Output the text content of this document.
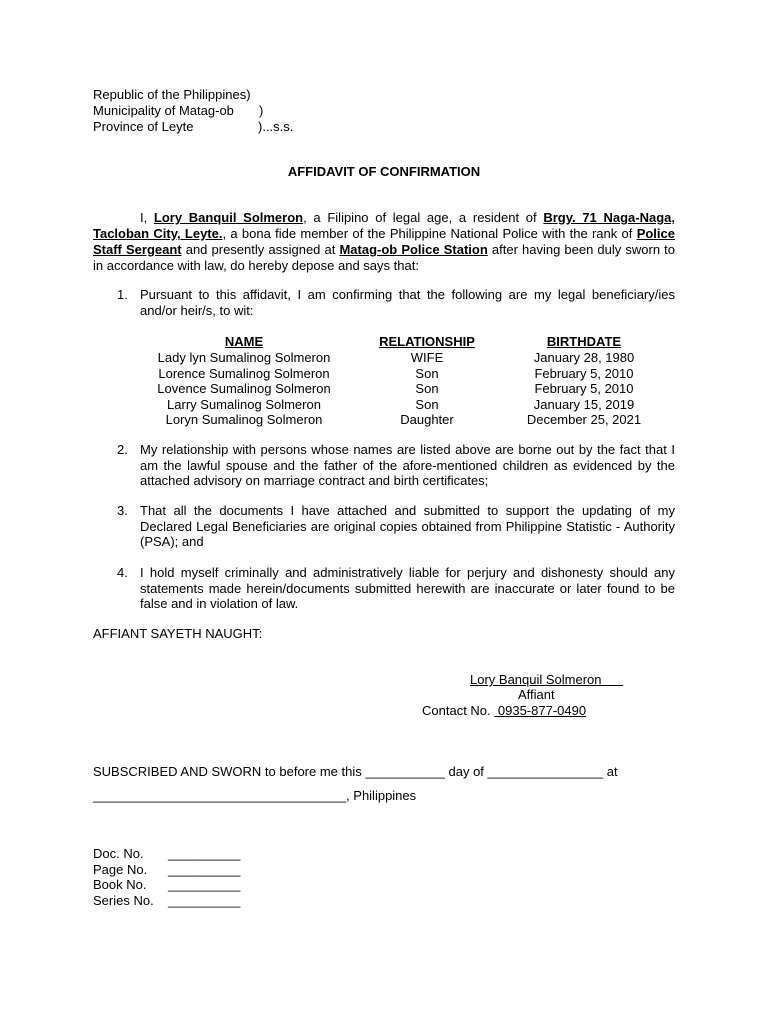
Republic of the Philippines)
Municipality of Matag-ob )
Province of Leyte	)...s.s.
AFFIDAVIT OF CONFIRMATION
I, Lory Banquil Solmeron, a Filipino of legal age, a resident of Brgy. 71 Naga-Naga, Tacloban City, Leyte., a bona fide member of the Philippine National Police with the rank of Police Staff Sergeant and presently assigned at Matag-ob Police Station after having been duly sworn to in accordance with law, do hereby depose and says that:
1. Pursuant to this affidavit, I am confirming that the following are my legal beneficiary/ies and/or heir/s, to wit:
NAME	RELATIONSHIP	BIRTHDATE
Lady lyn Sumalinog Solmeron	WIFE	January 28, 1980
Lorence Sumalinog Solmeron	Son	February 5, 2010
Lovence Sumalinog Solmeron	Son	February 5, 2010
Larry Sumalinog Solmeron	Son	January 15, 2019
Loryn Sumalinog Solmeron	Daughter	December 25, 2021
2. My relationship with persons whose names are listed above are borne out by the fact that I am the lawful spouse and the father of the afore-mentioned children as evidenced by the attached advisory on marriage contract and birth certificates;
3. That all the documents I have attached and submitted to support the updating of my Declared Legal Beneficiaries are original copies obtained from Philippine Statistic - Authority (PSA); and
4. I hold myself criminally and administratively liable for perjury and dishonesty should any statements made herein/documents submitted herewith are inaccurate or later found to be false and in violation of law.
AFFIANT SAYETH NAUGHT:
Lory Banquil Solmeron
Affiant
Contact No.  0935-877-0490
SUBSCRIBED AND SWORN to before me this ___________ day of ________________ at
___________________________________, Philippines
Doc. No. __________
Page No. __________
Book No. __________
Series No. __________
